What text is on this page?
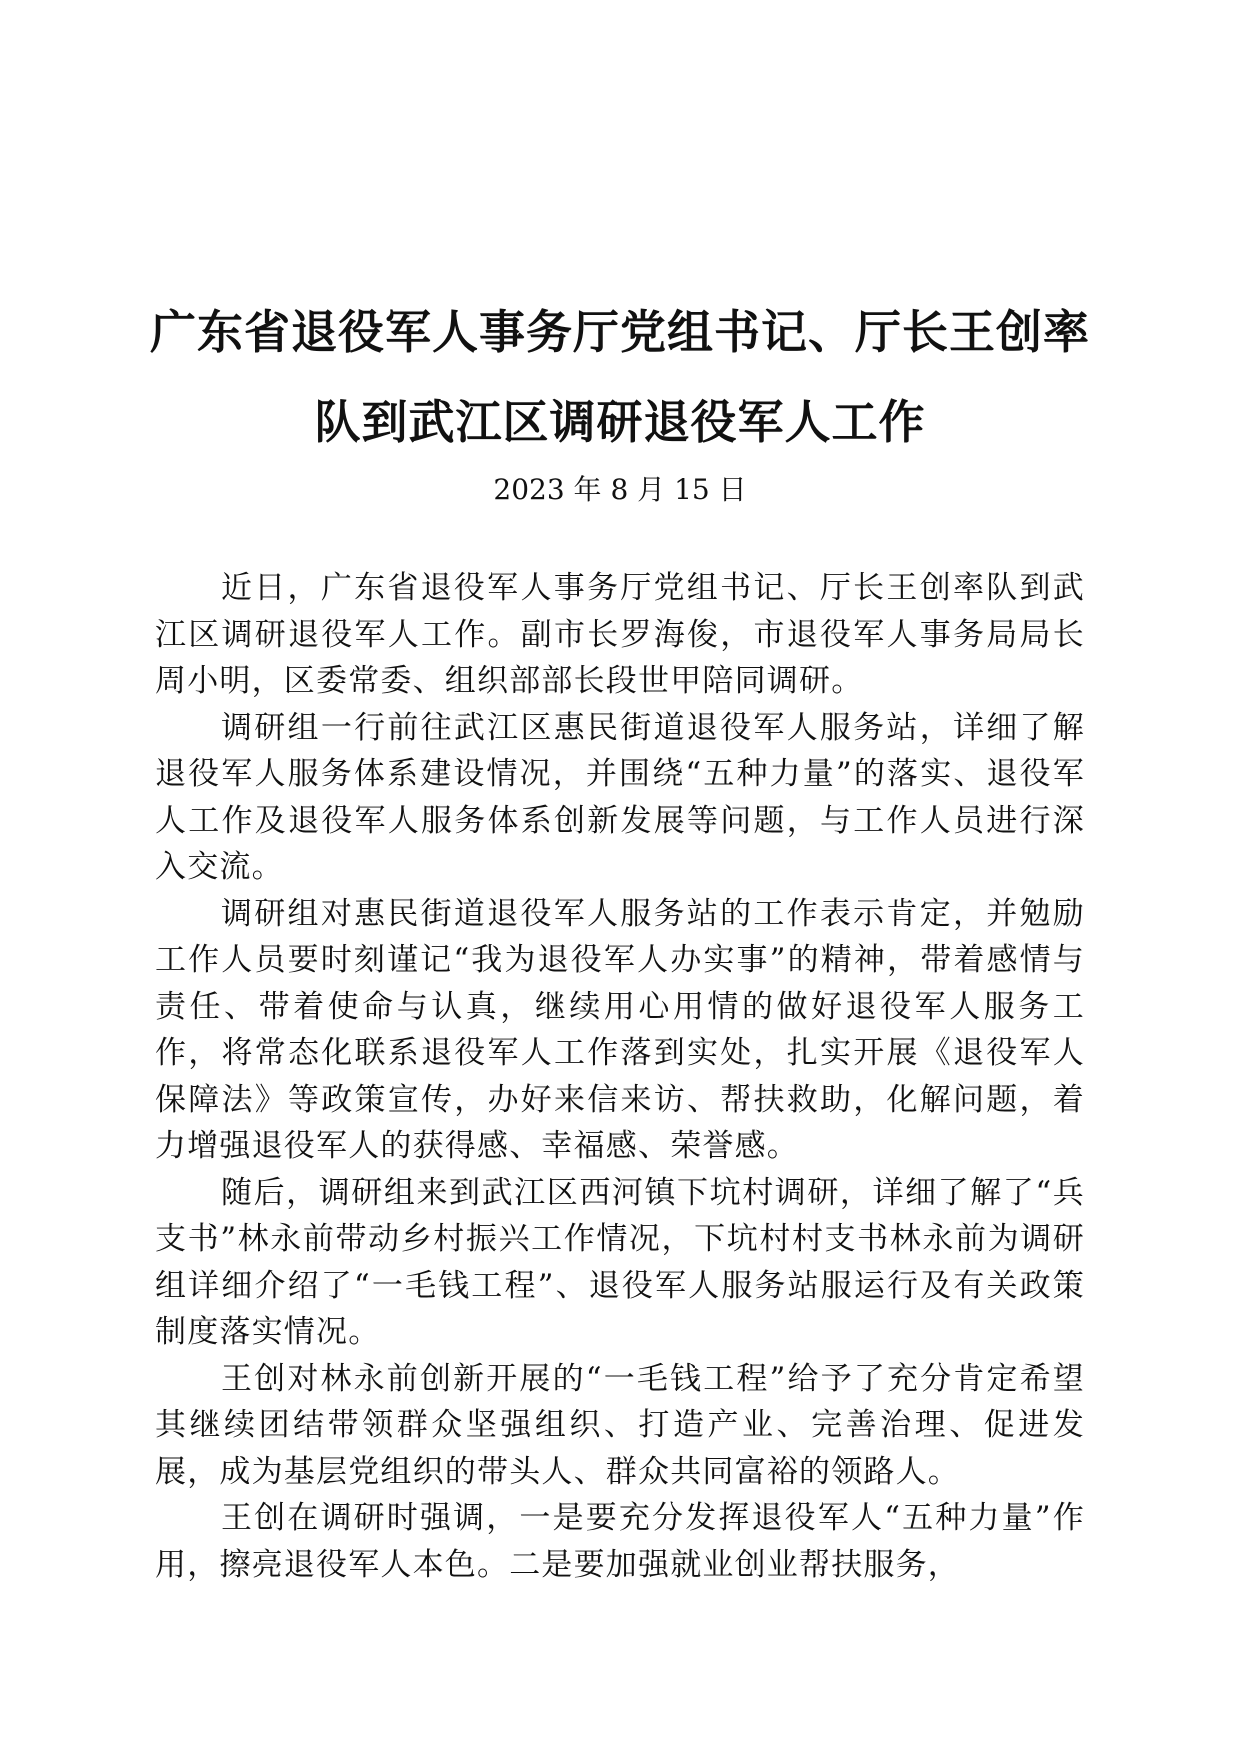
广东省退役军人事务厅党组书记、厅长王创率
队到武江区调研退役军人工作
2023 年 8 月 15 日

近日，广东省退役军人事务厅党组书记、厅长王创率队到武江区调研退役军人工作。副市长罗海俊，市退役军人事务局局长周小明，区委常委、组织部部长段世甲陪同调研。

调研组一行前往武江区惠民街道退役军人服务站，详细了解退役军人服务体系建设情况，并围绕“五种力量”的落实、退役军人工作及退役军人服务体系创新发展等问题，与工作人员进行深入交流。

调研组对惠民街道退役军人服务站的工作表示肯定，并勉励工作人员要时刻谨记“我为退役军人办实事”的精神，带着感情与责任、带着使命与认真，继续用心用情的做好退役军人服务工作，将常态化联系退役军人工作落到实处，扎实开展《退役军人保障法》等政策宣传，办好来信来访、帮扶救助，化解问题，着力增强退役军人的获得感、幸福感、荣誉感。

随后，调研组来到武江区西河镇下坑村调研，详细了解了“兵支书”林永前带动乡村振兴工作情况，下坑村村支书林永前为调研组详细介绍了“一毛钱工程”、退役军人服务站服运行及有关政策制度落实情况。

王创对林永前创新开展的“一毛钱工程”给予了充分肯定希望其继续团结带领群众坚强组织、打造产业、完善治理、促进发展，成为基层党组织的带头人、群众共同富裕的领路人。

王创在调研时强调，一是要充分发挥退役军人“五种力量”作用，擦亮退役军人本色。二是要加强就业创业帮扶服务，
